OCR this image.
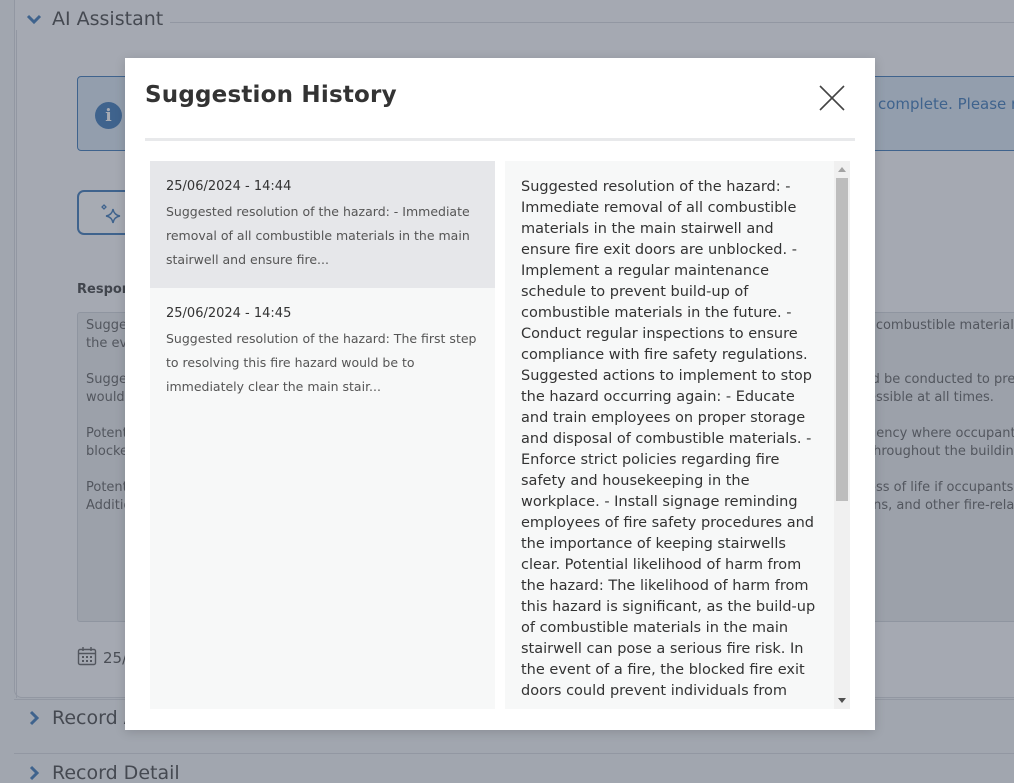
Suggestion History
25/06/2024 - 14:44
Suggested resolution of the hazard: - Immediate removal of all combustible materials in the main stairwell and ensure fire...
25/06/2024 - 14:45
Suggested resolution of the hazard: The first step to resolving this fire hazard would be to immediately clear the main stair...
Suggested resolution of the hazard: - Immediate removal of all combustible materials in the main stairwell and ensure fire exit doors are unblocked. - Implement a regular maintenance schedule to prevent build-up of combustible materials in the future. - Conduct regular inspections to ensure compliance with fire safety regulations. Suggested actions to implement to stop the hazard occurring again: - Educate and train employees on proper storage and disposal of combustible materials. - Enforce strict policies regarding fire safety and housekeeping in the workplace. - Install signage reminding employees of fire safety procedures and the importance of keeping stairwells clear. Potential likelihood of harm from the hazard: The likelihood of harm from this hazard is significant, as the build-up of combustible materials in the main stairwell can pose a serious fire risk. In the event of a fire, the blocked fire exit doors could prevent individuals from
